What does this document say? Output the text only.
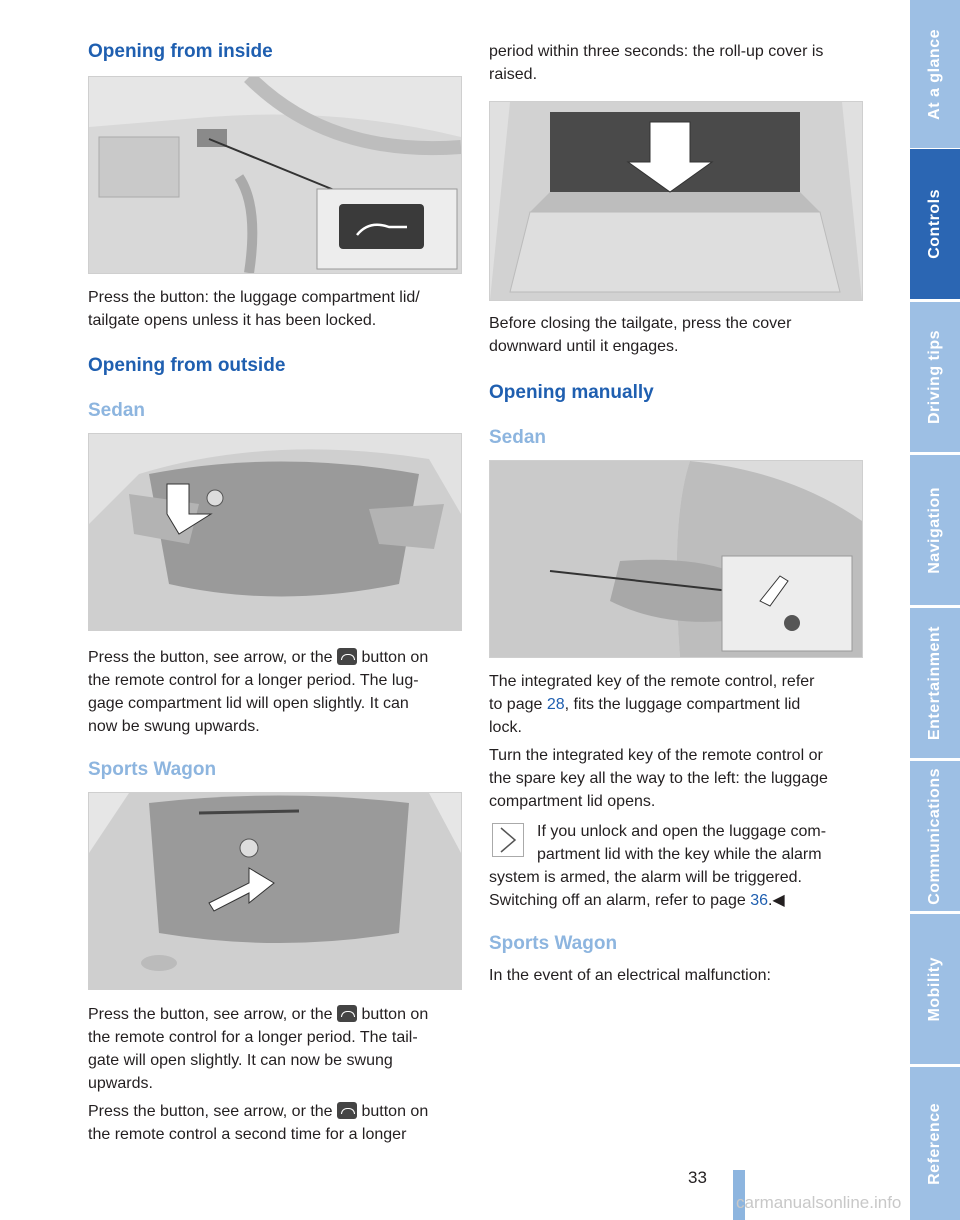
Opening from inside

Press the button: the luggage compartment lid/
tailgate opens unless it has been locked.

Opening from outside
Sedan

Press the button, see arrow, or the button on
the remote control for a longer period. The lug-
gage compartment lid will open slightly. It can
now be swung upwards.

Sports Wagon

Press the button, see arrow, or the button on
the remote control for a longer period. The tail-
gate will open slightly. It can now be swung
upwards.

Press the button, see arrow, or the button on
the remote control a second time for a longer

period within three seconds: the roll-up cover is
raised.

Before closing the tailgate, press the cover
downward until it engages.

Opening manually
Sedan

The integrated key of the remote control, refer
to page 28, fits the luggage compartment lid
lock.

Turn the integrated key of the remote control or
the spare key all the way to the left: the luggage
compartment lid opens.

If you unlock and open the luggage com-
partment lid with the key while the alarm
system is armed, the alarm will be triggered.
Switching off an alarm, refer to page 36.◀

Sports Wagon

In the event of an electrical malfunction:

At a glance
Controls
Driving tips
Navigation
Entertainment
Communications
Mobility
Reference
33
carmanualsonline.info
